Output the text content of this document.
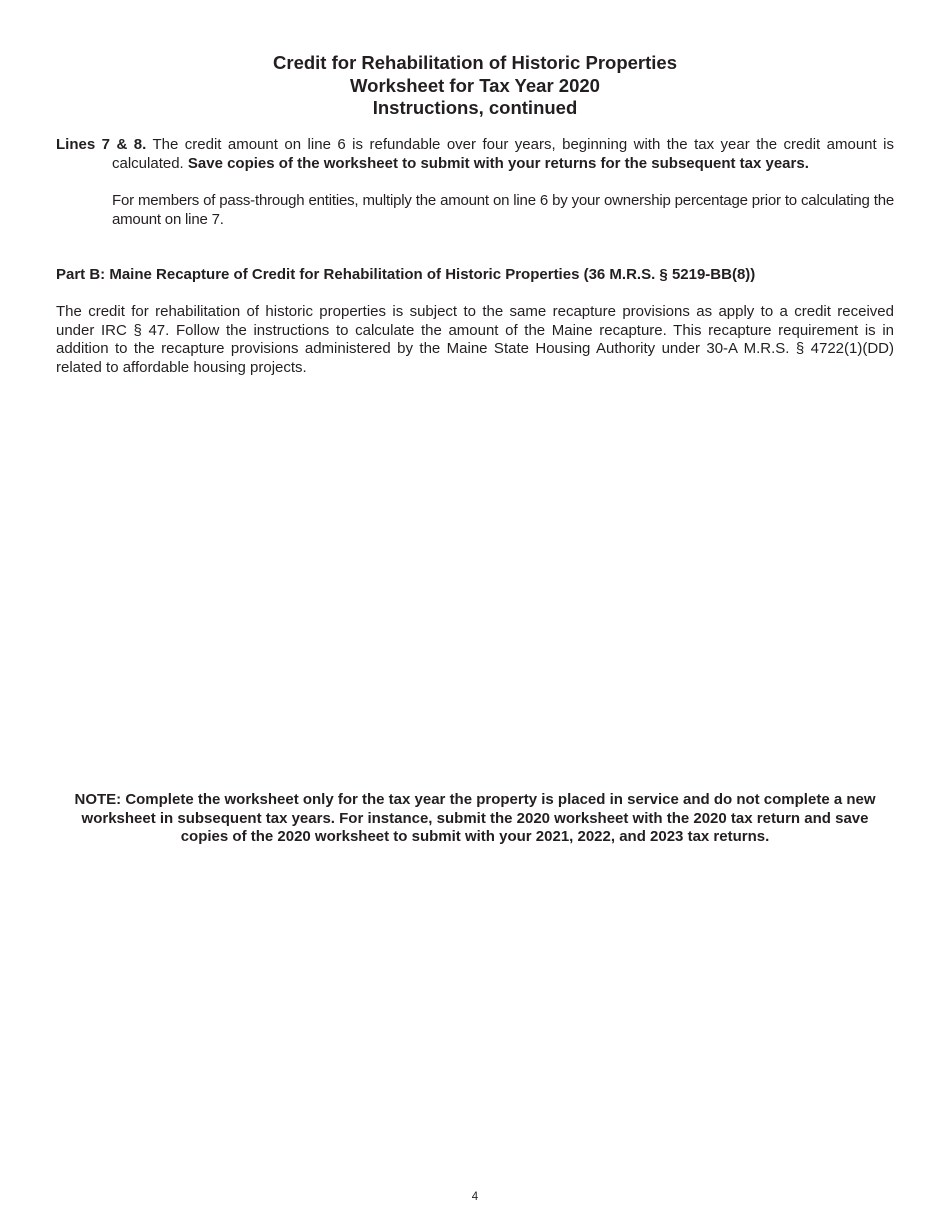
Credit for Rehabilitation of Historic Properties
Worksheet for Tax Year 2020
Instructions, continued
Lines 7 & 8. The credit amount on line 6 is refundable over four years, beginning with the tax year the credit amount is calculated. Save copies of the worksheet to submit with your returns for the subsequent tax years.
For members of pass-through entities, multiply the amount on line 6 by your ownership percentage prior to calculating the amount on line 7.
Part B: Maine Recapture of Credit for Rehabilitation of Historic Properties (36 M.R.S. § 5219-BB(8))
The credit for rehabilitation of historic properties is subject to the same recapture provisions as apply to a credit received under IRC § 47. Follow the instructions to calculate the amount of the Maine recapture. This recapture requirement is in addition to the recapture provisions administered by the Maine State Housing Authority under 30-A M.R.S. § 4722(1)(DD) related to affordable housing projects.
NOTE: Complete the worksheet only for the tax year the property is placed in service and do not complete a new worksheet in subsequent tax years. For instance, submit the 2020 worksheet with the 2020 tax return and save copies of the 2020 worksheet to submit with your 2021, 2022, and 2023 tax returns.
4
